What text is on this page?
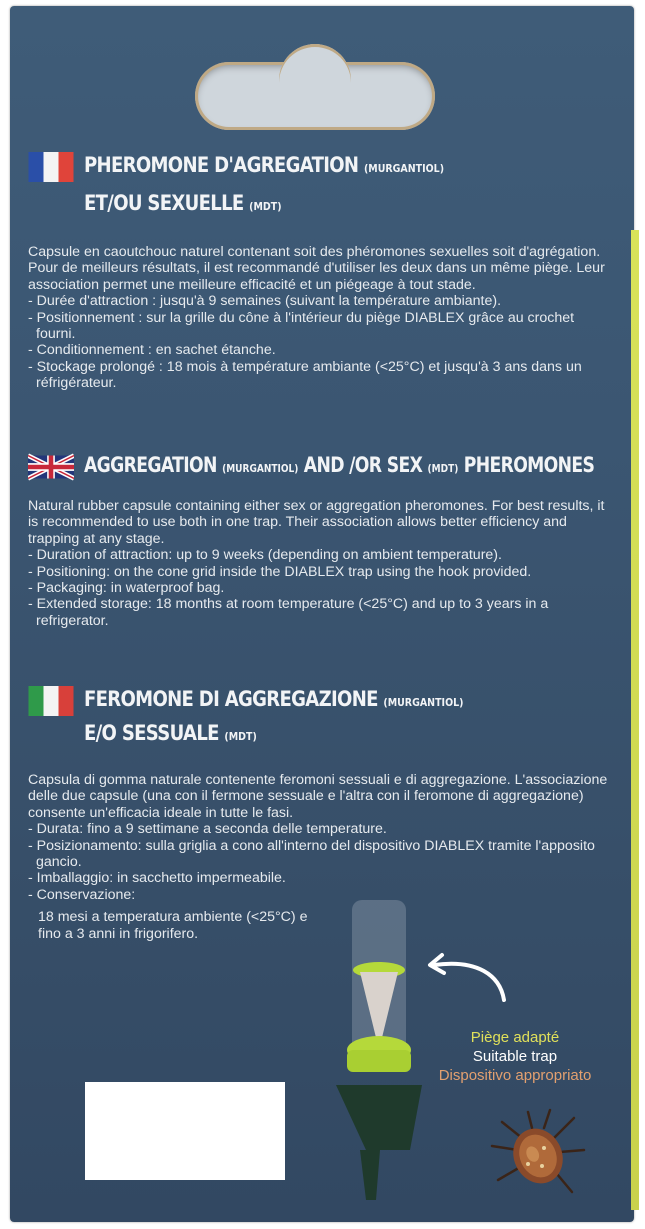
PHEROMONE D'AGREGATION (MURGANTIOL)
ET/OU SEXUELLE (MDT)

Capsule en caoutchouc naturel contenant soit des phéromones sexuelles soit d'agrégation. Pour de meilleurs résultats, il est recommandé d'utiliser les deux dans un même piège. Leur association permet une meilleure efficacité et un piégeage à tout stade.

- Durée d'attraction : jusqu'à 9 semaines (suivant la température ambiante).
- Positionnement : sur la grille du cône à l'intérieur du piège DIABLEX grâce au crochet fourni.
- Conditionnement : en sachet étanche.
- Stockage prolongé : 18 mois à température ambiante (<25°C) et jusqu'à 3 ans dans un réfrigérateur.
AGGREGATION (MURGANTIOL) AND /OR SEX (MDT) PHEROMONES

Natural rubber capsule containing either sex or aggregation pheromones. For best results, it is recommended to use both in one trap. Their association allows better efficiency and trapping at any stage.

- Duration of attraction: up to 9 weeks (depending on ambient temperature).
- Positioning: on the cone grid inside the DIABLEX trap using the hook provided.
- Packaging: in waterproof bag.
- Extended storage: 18 months at room temperature (<25°C) and up to 3 years in a refrigerator.
FEROMONE DI AGGREGAZIONE (MURGANTIOL)
E/O SESSUALE (MDT)

Capsula di gomma naturale contenente feromoni sessuali e di aggregazione. L'associazione delle due capsule (una con il fermone sessuale e l'altra con il feromone di aggregazione) consente un'efficacia ideale in tutte le fasi.

- Durata: fino a 9 settimane a seconda delle temperature.
- Posizionamento: sulla griglia a cono all'interno del dispositivo DIABLEX tramite l'apposito gancio.
- Imballaggio: in sacchetto impermeabile.
- Conservazione:

18 mesi a temperatura ambiente (<25°C) e fino a 3 anni in frigorifero.

Piège adapté
Suitable trap
Dispositivo appropriato
